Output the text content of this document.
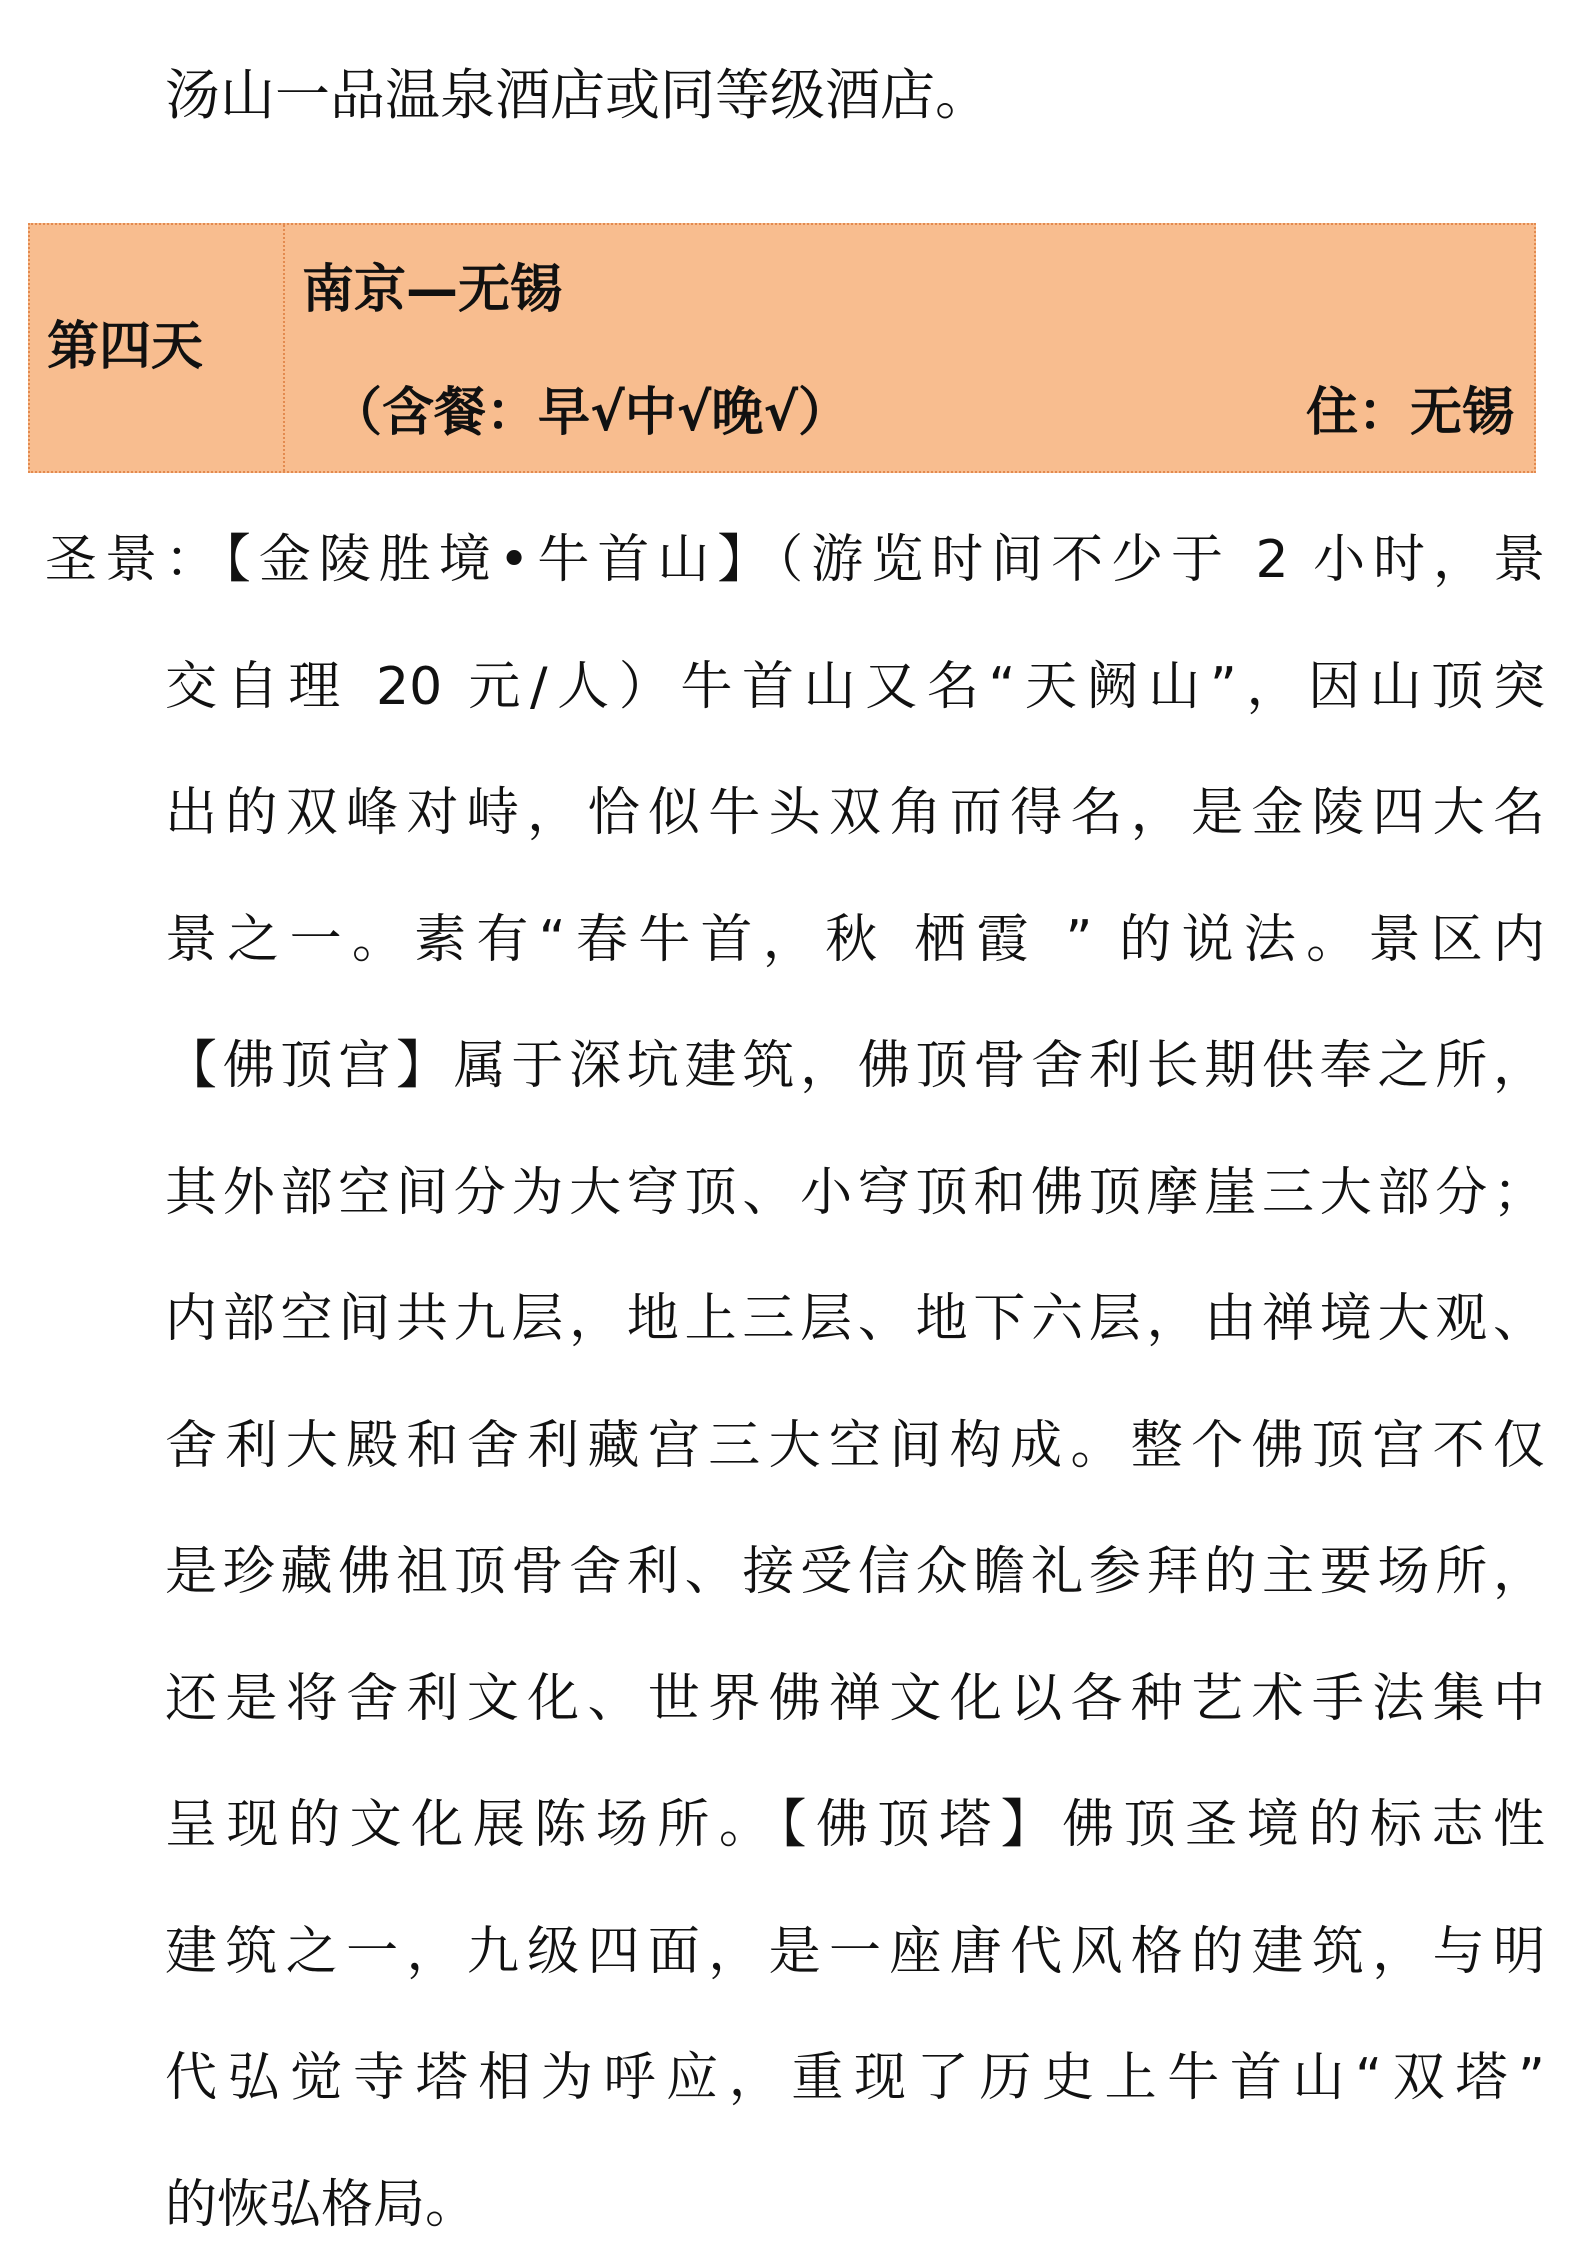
汤山一品温泉酒店或同等级酒店。
第四天
南京—无锡
（含餐：早√中√晚√）	住：无锡
圣景：【金陵胜境•牛首山】（游览时间不少于 2 小时，景
交自理 20 元/人）牛首山又名“天阙山”，因山顶突
出的双峰对峙，恰似牛头双角而得名，是金陵四大名
景之一。素有“春牛首，秋 栖霞 ” 的说法。景区内
【佛顶宫】属于深坑建筑，佛顶骨舍利长期供奉之所，
其外部空间分为大穹顶、小穹顶和佛顶摩崖三大部分；
内部空间共九层，地上三层、地下六层，由禅境大观、
舍利大殿和舍利藏宫三大空间构成。整个佛顶宫不仅
是珍藏佛祖顶骨舍利、接受信众瞻礼参拜的主要场所，
还是将舍利文化、世界佛禅文化以各种艺术手法集中
呈现的文化展陈场所。【佛顶塔】佛顶圣境的标志性
建筑之一，九级四面，是一座唐代风格的建筑，与明
代弘觉寺塔相为呼应，重现了历史上牛首山“双塔”
的恢弘格局。
